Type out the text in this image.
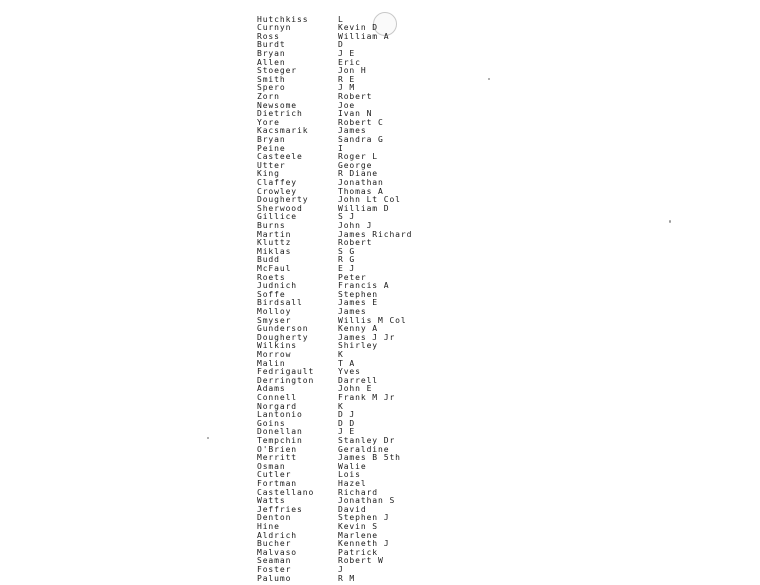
Hutchkiss	L
Curnyn	Kevin D
Ross	William A
Burdt	D
Bryan	J E
Allen	Eric
Stoeger	Jon H
Smith	R E
Spero	J M
Zorn	Robert
Newsome	Joe
Dietrich	Ivan N
Yore	Robert C
Kacsmarik	James
Bryan	Sandra G
Peine	I
Casteele	Roger L
Utter	George
King	R Diane
Claffey	Jonathan
Crowley	Thomas A
Dougherty	John Lt Col
Sherwood	William D
Gillice	S J
Burns	John J
Martin	James Richard
Kluttz	Robert
Miklas	S G
Budd	R G
McFaul	E J
Roets	Peter
Judnich	Francis A
Soffe	Stephen
Birdsall	James E
Molloy	James
Smyser	Willis M Col
Gunderson	Kenny A
Dougherty	James J Jr
Wilkins	Shirley
Morrow	K
Malin	T A
Fedrigault	Yves
Derrington	Darrell
Adams	John E
Connell	Frank M Jr
Norgard	K
Lantonio	D J
Goins	D D
Donellan	J E
Tempchin	Stanley Dr
O'Brien	Geraldine
Merritt	James B 5th
Osman	Walie
Cutler	Lois
Fortman	Hazel
Castellano	Richard
Watts	Jonathan S
Jeffries	David
Denton	Stephen J
Hine	Kevin S
Aldrich	Marlene
Bucher	Kenneth J
Malvaso	Patrick
Seaman	Robert W
Foster	J
Palumo	R M
